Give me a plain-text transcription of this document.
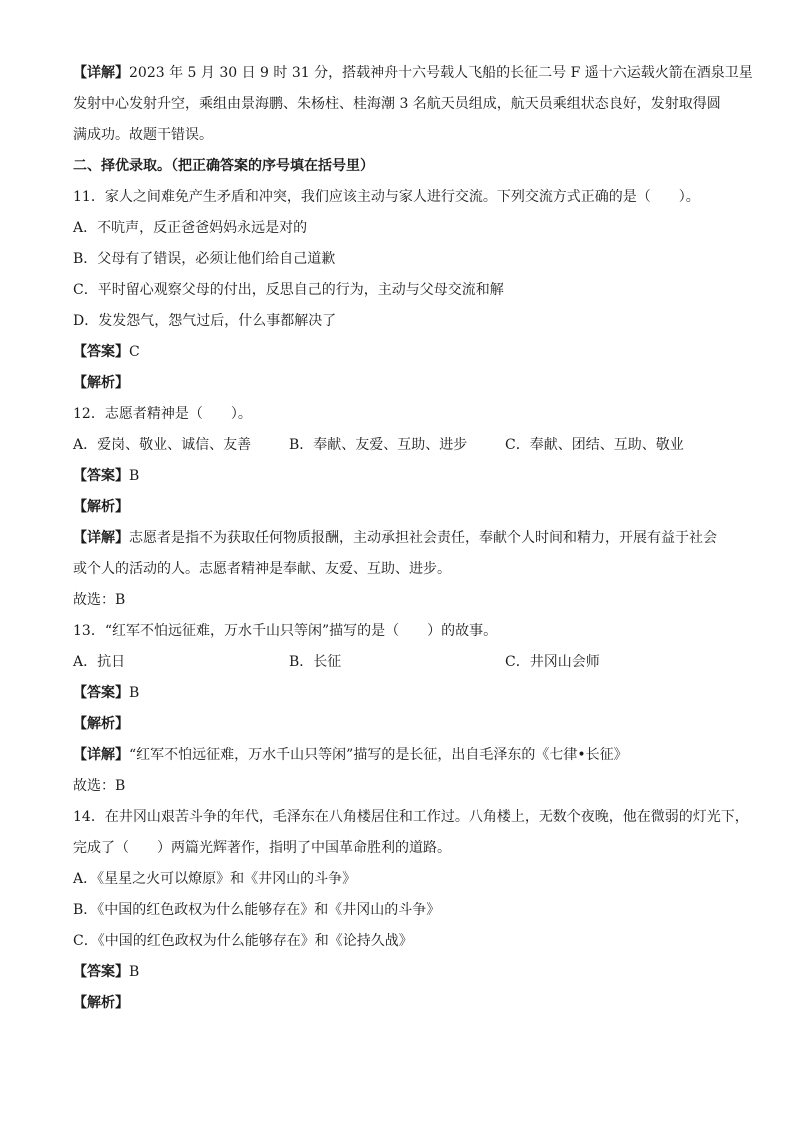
【详解】2023 年 5 月 30 日 9 时 31 分，搭载神舟十六号载人飞船的长征二号 F 遥十六运载火箭在酒泉卫星
发射中心发射升空，乘组由景海鹏、朱杨柱、桂海潮 3 名航天员组成，航天员乘组状态良好，发射取得圆
满成功。故题干错误。
二、择优录取。（把正确答案的序号填在括号里）
11．家人之间难免产生矛盾和冲突，我们应该主动与家人进行交流。下列交流方式正确的是（　　）。
A．不吭声，反正爸爸妈妈永远是对的
B．父母有了错误，必须让他们给自己道歉
C．平时留心观察父母的付出，反思自己的行为，主动与父母交流和解
D．发发怨气，怨气过后，什么事都解决了
【答案】C
【解析】
12．志愿者精神是（　　）。
A．爱岗、敬业、诚信、友善	B．奉献、友爱、互助、进步	C．奉献、团结、互助、敬业
【答案】B
【解析】
【详解】志愿者是指不为获取任何物质报酬，主动承担社会责任，奉献个人时间和精力，开展有益于社会
或个人的活动的人。志愿者精神是奉献、友爱、互助、进步。
故选：B
13．“红军不怕远征难，万水千山只等闲”描写的是（　　）的故事。
A．抗日	B．长征	C．井冈山会师
【答案】B
【解析】
【详解】“红军不怕远征难，万水千山只等闲”描写的是长征，出自毛泽东的《七律•长征》
故选：B
14．在井冈山艰苦斗争的年代，毛泽东在八角楼居住和工作过。八角楼上，无数个夜晚，他在微弱的灯光下，
完成了（　　）两篇光辉著作，指明了中国革命胜利的道路。
A．《星星之火可以燎原》和《井冈山的斗争》
B．《中国的红色政权为什么能够存在》和《井冈山的斗争》
C．《中国的红色政权为什么能够存在》和《论持久战》
【答案】B
【解析】
